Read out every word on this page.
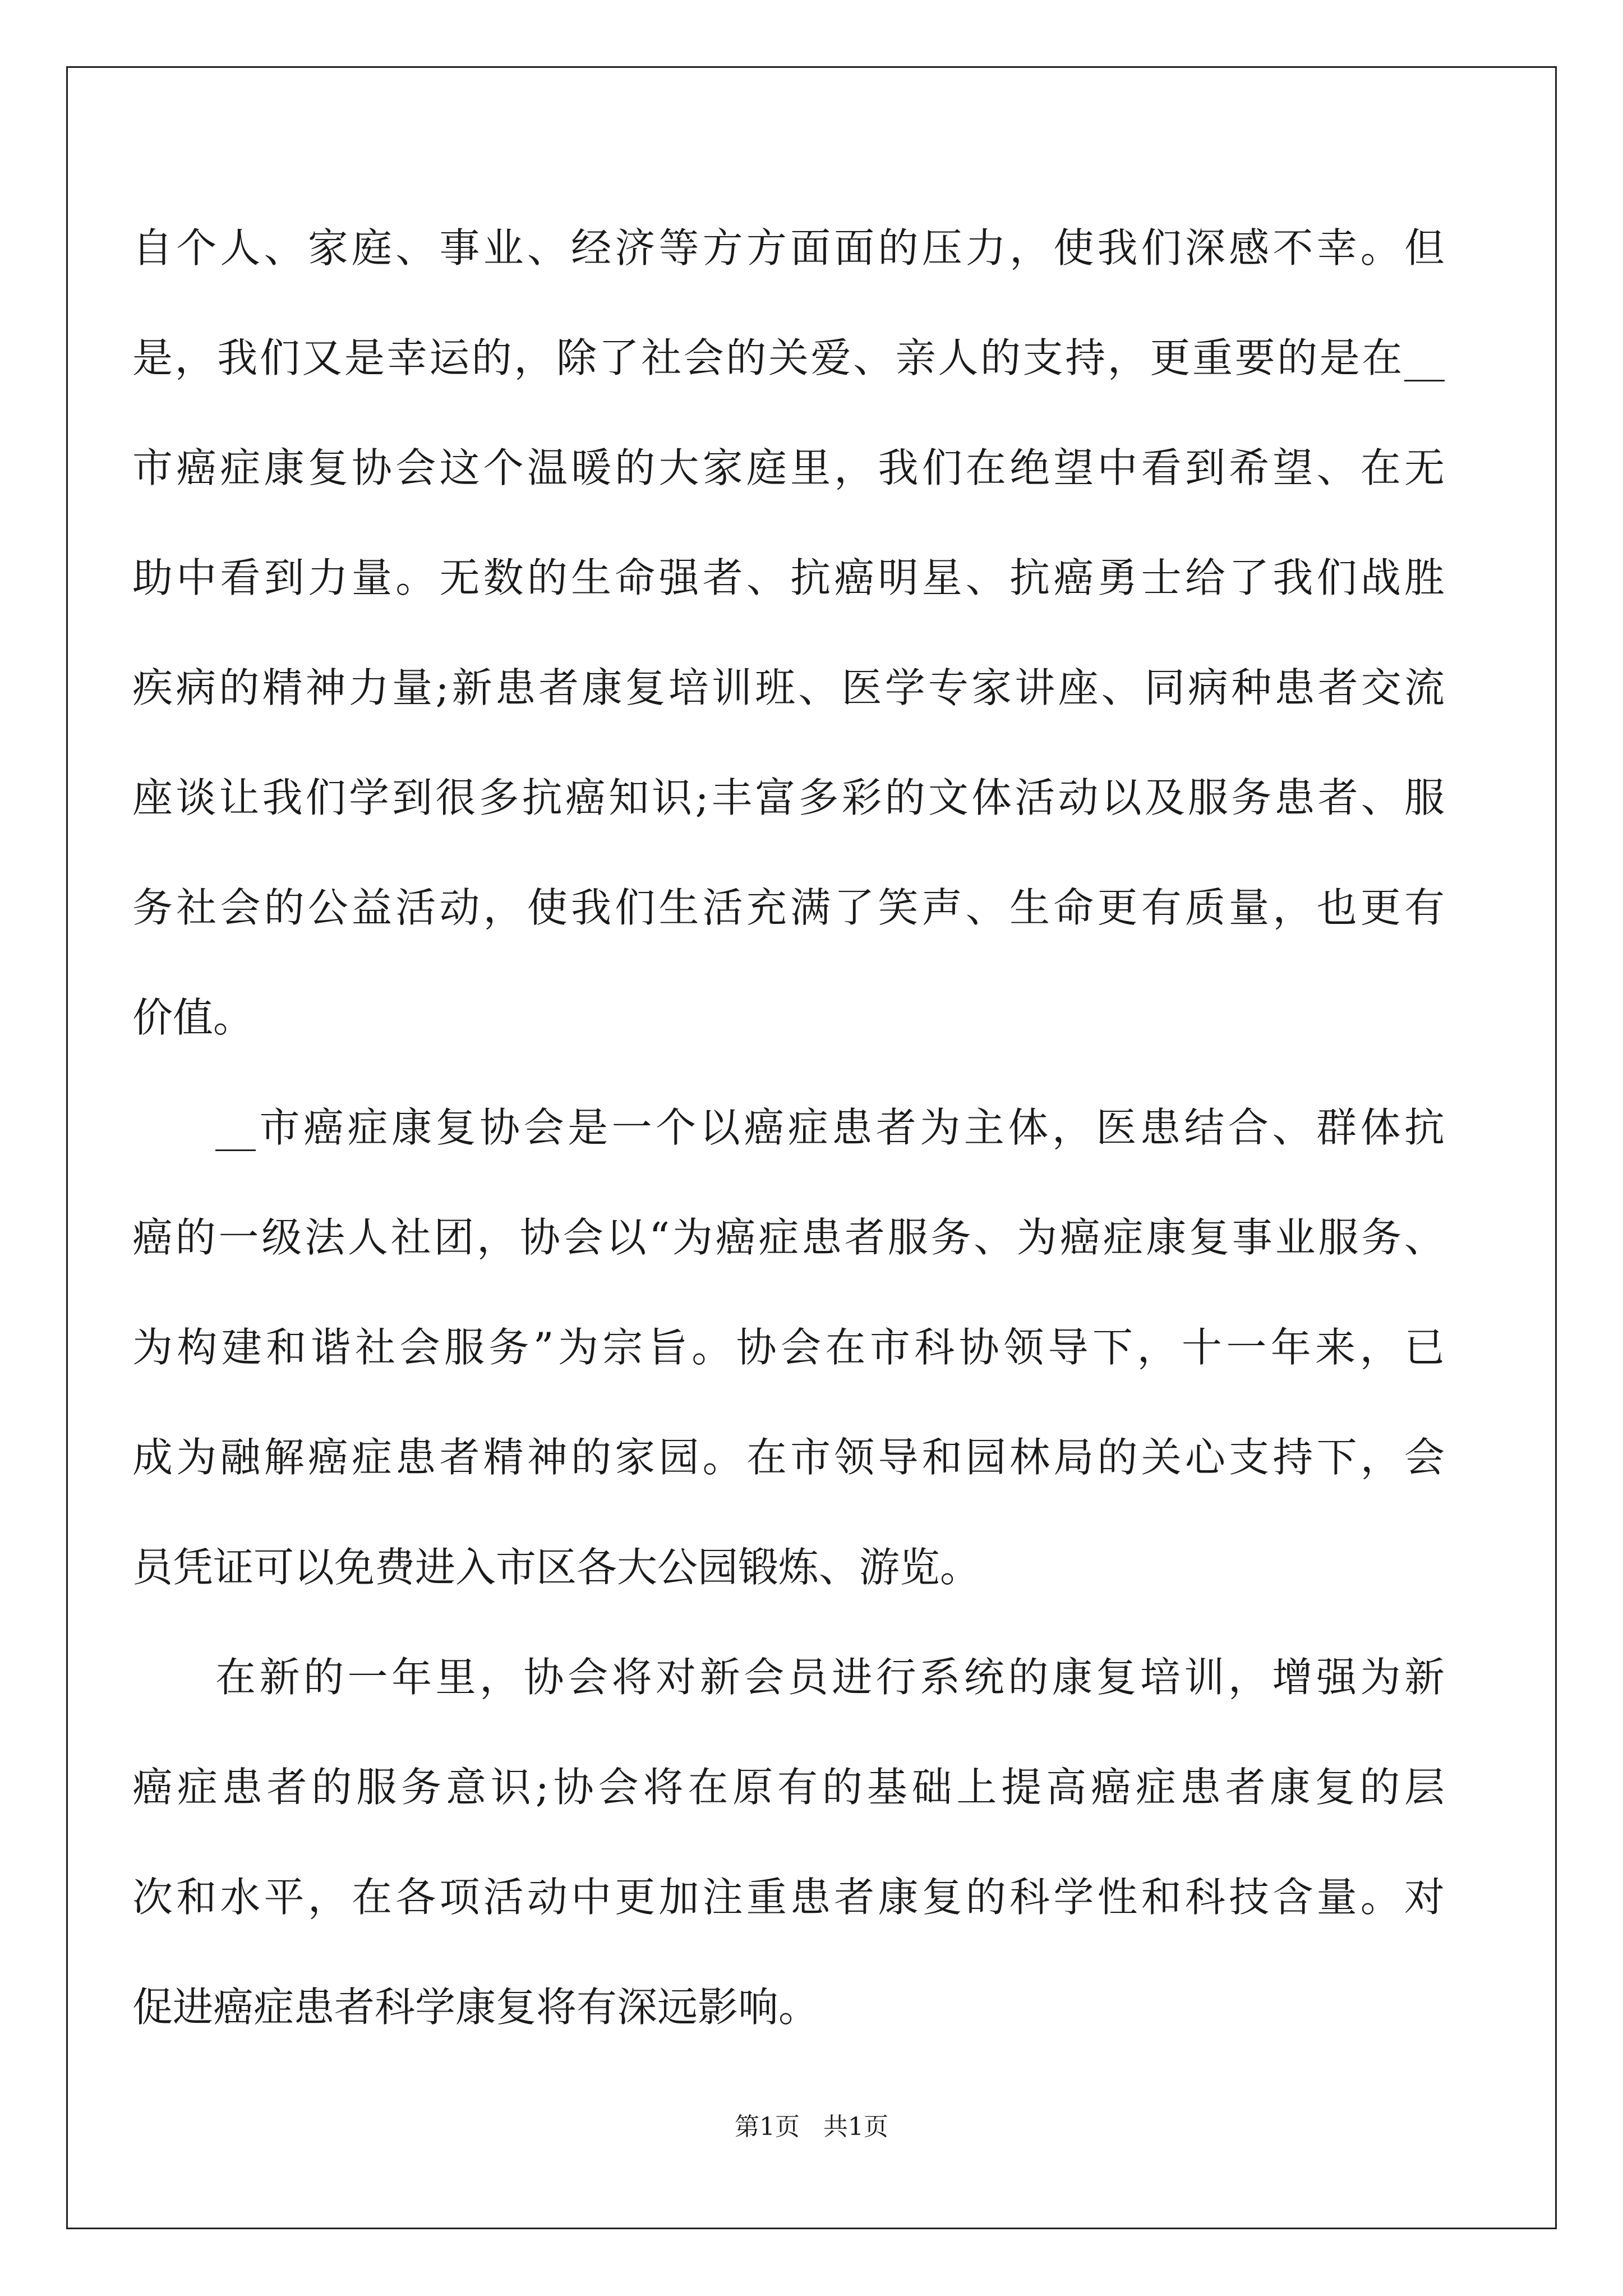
自个人、家庭、事业、经济等方方面面的压力，使我们深感不幸。但
是，我们又是幸运的，除了社会的关爱、亲人的支持，更重要的是在__
市癌症康复协会这个温暖的大家庭里，我们在绝望中看到希望、在无
助中看到力量。无数的生命强者、抗癌明星、抗癌勇士给了我们战胜
疾病的精神力量;新患者康复培训班、医学专家讲座、同病种患者交流
座谈让我们学到很多抗癌知识;丰富多彩的文体活动以及服务患者、服
务社会的公益活动，使我们生活充满了笑声、生命更有质量，也更有
价值。
__市癌症康复协会是一个以癌症患者为主体，医患结合、群体抗
癌的一级法人社团，协会以“为癌症患者服务、为癌症康复事业服务、
为构建和谐社会服务”为宗旨。协会在市科协领导下，十一年来，已
成为融解癌症患者精神的家园。在市领导和园林局的关心支持下，会
员凭证可以免费进入市区各大公园锻炼、游览。
在新的一年里，协会将对新会员进行系统的康复培训，增强为新
癌症患者的服务意识;协会将在原有的基础上提高癌症患者康复的层
次和水平，在各项活动中更加注重患者康复的科学性和科技含量。对
促进癌症患者科学康复将有深远影响。
第1页   共1页
